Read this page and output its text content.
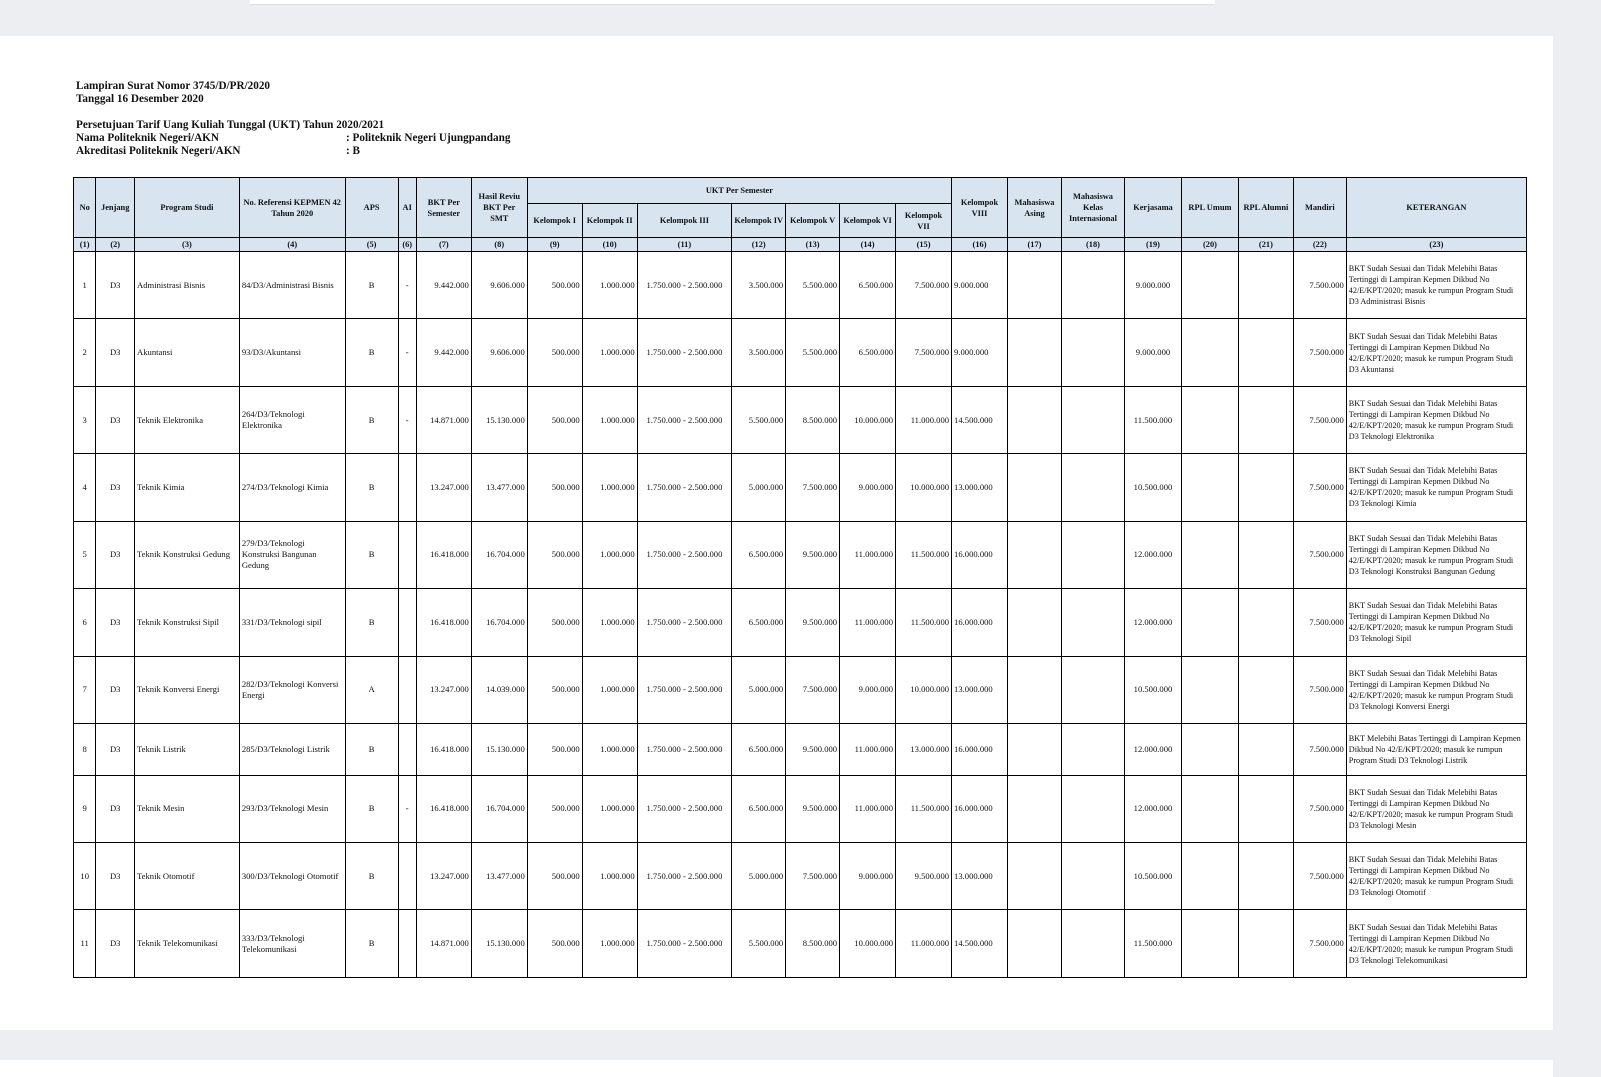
Lampiran Surat Nomor 3745/D/PR/2020
Tanggal 16 Desember 2020
Persetujuan Tarif Uang Kuliah Tunggal (UKT) Tahun 2020/2021
Nama Politeknik Negeri/AKN	: Politeknik Negeri Ujungpandang
Akreditasi Politeknik Negeri/AKN	: B
No	Jenjang	Program Studi	No. Referensi KEPMEN 42 Tahun 2020	APS	AI	BKT Per Semester	Hasil Reviu BKT Per SMT	UKT Per Semester							Kelompok VIII	Mahasiswa Asing	Mahasiswa Kelas Internasional	Kerjasama	RPL Umum	RPL Alumni	Mandiri	KETERANGAN
								Kelompok I	Kelompok II	Kelompok III	Kelompok IV	Kelompok V	Kelompok VI	Kelompok VII								
(1)	(2)	(3)	(4)	(5)	(6)	(7)	(8)	(9)	(10)	(11)	(12)	(13)	(14)	(15)	(16)	(17)	(18)	(19)	(20)	(21)	(22)	(23)
1	D3	Administrasi Bisnis	84/D3/Administrasi Bisnis	B	-	9.442.000	9.606.000	500.000	1.000.000	1.750.000 - 2.500.000	3.500.000	5.500.000	6.500.000	7.500.000	9.000.000			9.000.000			7.500.000	BKT Sudah Sesuai dan Tidak Melebihi Batas Tertinggi di Lampiran Kepmen Dikbud No 42/E/KPT/2020; masuk ke rumpun Program Studi D3 Administrasi Bisnis
2	D3	Akuntansi	93/D3/Akuntansi	B	-	9.442.000	9.606.000	500.000	1.000.000	1.750.000 - 2.500.000	3.500.000	5.500.000	6.500.000	7.500.000	9.000.000			9.000.000			7.500.000	BKT Sudah Sesuai dan Tidak Melebihi Batas Tertinggi di Lampiran Kepmen Dikbud No 42/E/KPT/2020; masuk ke rumpun Program Studi D3 Akuntansi
3	D3	Teknik Elektronika	264/D3/Teknologi Elektronika	B	-	14.871.000	15.130.000	500.000	1.000.000	1.750.000 - 2.500.000	5.500.000	8.500.000	10.000.000	11.000.000	14.500.000			11.500.000			7.500.000	BKT Sudah Sesuai dan Tidak Melebihi Batas Tertinggi di Lampiran Kepmen Dikbud No 42/E/KPT/2020; masuk ke rumpun Program Studi D3 Teknologi Elektronika
4	D3	Teknik Kimia	274/D3/Teknologi Kimia	B		13.247.000	13.477.000	500.000	1.000.000	1.750.000 - 2.500.000	5.000.000	7.500.000	9.000.000	10.000.000	13.000.000			10.500.000			7.500.000	BKT Sudah Sesuai dan Tidak Melebihi Batas Tertinggi di Lampiran Kepmen Dikbud No 42/E/KPT/2020; masuk ke rumpun Program Studi D3 Teknologi Kimia
5	D3	Teknik Konstruksi Gedung	279/D3/Teknologi Konstruksi Bangunan Gedung	B		16.418.000	16.704.000	500.000	1.000.000	1.750.000 - 2.500.000	6.500.000	9.500.000	11.000.000	11.500.000	16.000.000			12.000.000			7.500.000	BKT Sudah Sesuai dan Tidak Melebihi Batas Tertinggi di Lampiran Kepmen Dikbud No 42/E/KPT/2020; masuk ke rumpun Program Studi D3 Teknologi Konstruksi Bangunan Gedung
6	D3	Teknik Konstruksi Sipil	331/D3/Teknologi sipil	B		16.418.000	16.704.000	500.000	1.000.000	1.750.000 - 2.500.000	6.500.000	9.500.000	11.000.000	11.500.000	16.000.000			12.000.000			7.500.000	BKT Sudah Sesuai dan Tidak Melebihi Batas Tertinggi di Lampiran Kepmen Dikbud No 42/E/KPT/2020; masuk ke rumpun Program Studi D3 Teknologi Sipil
7	D3	Teknik Konversi Energi	282/D3/Teknologi Konversi Energi	A		13.247.000	14.039.000	500.000	1.000.000	1.750.000 - 2.500.000	5.000.000	7.500.000	9.000.000	10.000.000	13.000.000			10.500.000			7.500.000	BKT Sudah Sesuai dan Tidak Melebihi Batas Tertinggi di Lampiran Kepmen Dikbud No 42/E/KPT/2020; masuk ke rumpun Program Studi D3 Teknologi Konversi Energi
8	D3	Teknik Listrik	285/D3/Teknologi Listrik	B		16.418.000	15.130.000	500.000	1.000.000	1.750.000 - 2.500.000	6.500.000	9.500.000	11.000.000	13.000.000	16.000.000			12.000.000			7.500.000	BKT Melebihi Batas Tertinggi di Lampiran Kepmen Dikbud No 42/E/KPT/2020; masuk ke rumpun Program Studi D3 Teknologi Listrik
9	D3	Teknik Mesin	293/D3/Teknologi Mesin	B	-	16.418.000	16.704.000	500.000	1.000.000	1.750.000 - 2.500.000	6.500.000	9.500.000	11.000.000	11.500.000	16.000.000			12.000.000			7.500.000	BKT Sudah Sesuai dan Tidak Melebihi Batas Tertinggi di Lampiran Kepmen Dikbud No 42/E/KPT/2020; masuk ke rumpun Program Studi D3 Teknologi Mesin
10	D3	Teknik Otomotif	300/D3/Teknologi Otomotif	B		13.247.000	13.477.000	500.000	1.000.000	1.750.000 - 2.500.000	5.000.000	7.500.000	9.000.000	9.500.000	13.000.000			10.500.000			7.500.000	BKT Sudah Sesuai dan Tidak Melebihi Batas Tertinggi di Lampiran Kepmen Dikbud No 42/E/KPT/2020; masuk ke rumpun Program Studi D3 Teknologi Otomotif
11	D3	Teknik Telekomunikasi	333/D3/Teknologi Telekomunikasi	B		14.871.000	15.130.000	500.000	1.000.000	1.750.000 - 2.500.000	5.500.000	8.500.000	10.000.000	11.000.000	14.500.000			11.500.000			7.500.000	BKT Sudah Sesuai dan Tidak Melebihi Batas Tertinggi di Lampiran Kepmen Dikbud No 42/E/KPT/2020; masuk ke rumpun Program Studi D3 Teknologi Telekomunikasi
